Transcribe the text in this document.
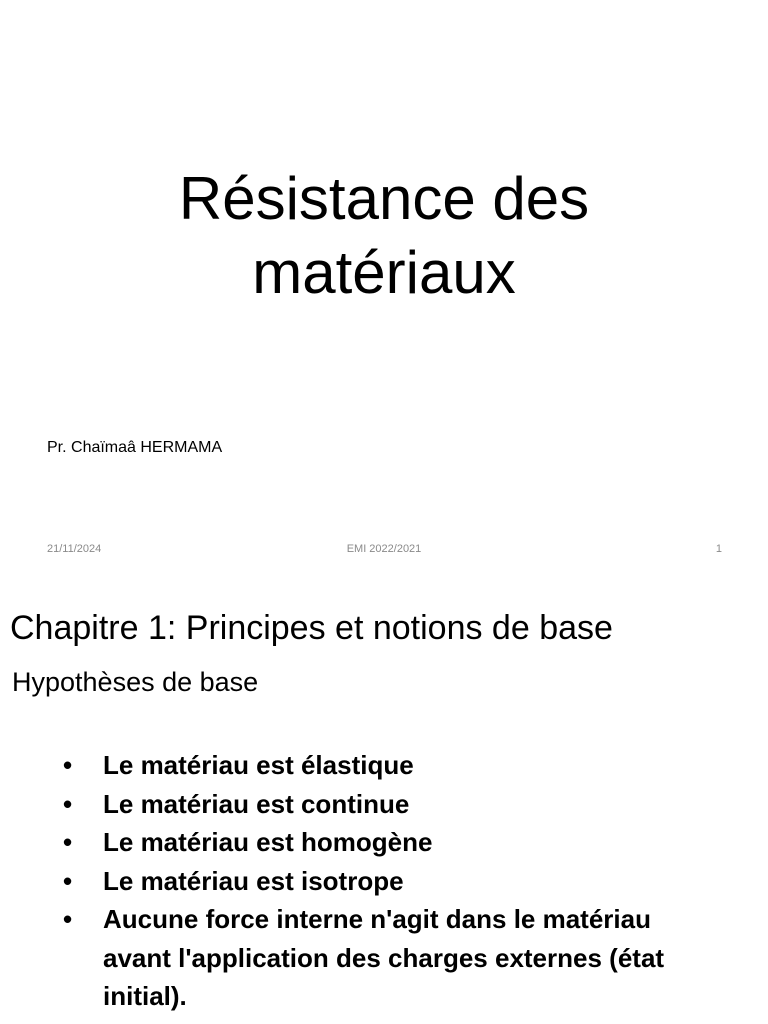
Résistance des
matériaux
Pr. Chaïmaâ HERMAMA
21/11/2024	EMI 2022/2021	1
Chapitre 1: Principes et notions de base
Hypothèses de base
• Le matériau est élastique
• Le matériau est continue
• Le matériau est homogène
• Le matériau est isotrope
• Aucune force interne n'agit dans le matériau avant l'application des charges externes (état initial).
